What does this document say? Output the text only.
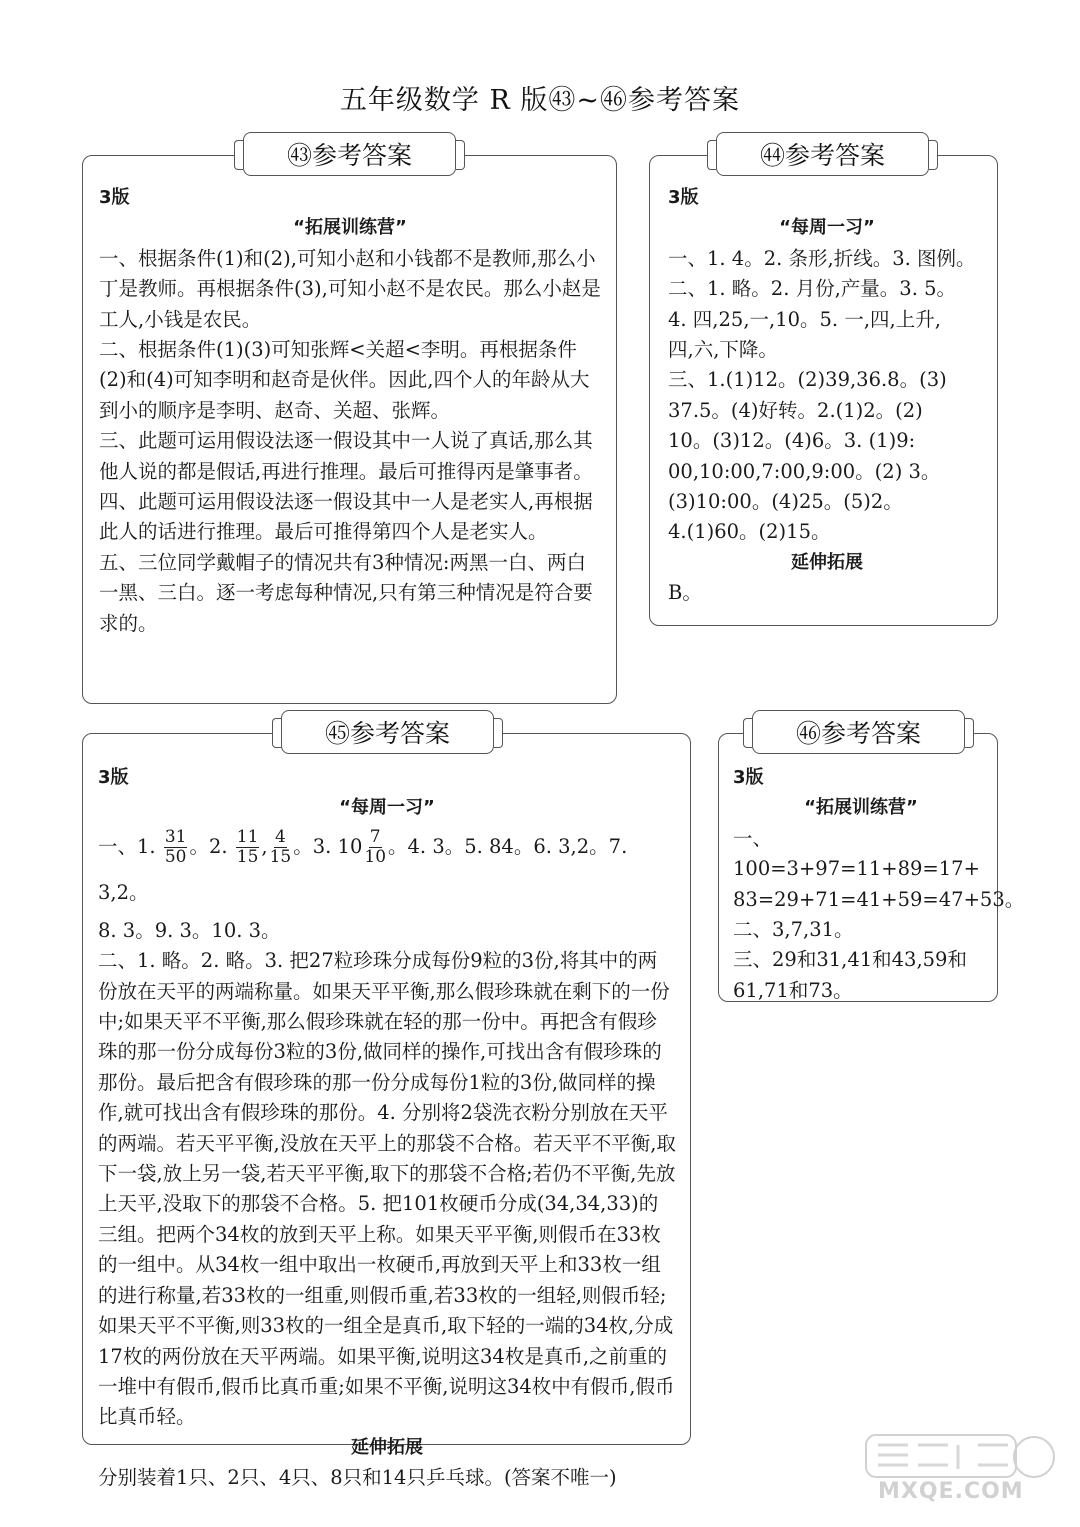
五年级数学 R 版㊸~㊻参考答案
㊸参考答案

3版

“拓展训练营”

一、根据条件(1)和(2),可知小赵和小钱都不是教师,那么小丁是教师。再根据条件(3),可知小赵不是农民。那么小赵是工人,小钱是农民。

二、根据条件(1)(3)可知张辉<关超<李明。再根据条件(2)和(4)可知李明和赵奇是伙伴。因此,四个人的年龄从大到小的顺序是李明、赵奇、关超、张辉。

三、此题可运用假设法逐一假设其中一人说了真话,那么其他人说的都是假话,再进行推理。最后可推得丙是肇事者。

四、此题可运用假设法逐一假设其中一人是老实人,再根据此人的话进行推理。最后可推得第四个人是老实人。

五、三位同学戴帽子的情况共有3种情况:两黑一白、两白一黑、三白。逐一考虑每种情况,只有第三种情况是符合要求的。

㊹参考答案

3版

“每周一习”

一、1. 4。2. 条形,折线。3. 图例。

二、1. 略。2. 月份,产量。3. 5。

4. 四,25,一,10。5. 一,四,上升,

四,六,下降。

三、1.(1)12。(2)39,36.8。(3)

37.5。(4)好转。2.(1)2。(2)

10。(3)12。(4)6。3. (1)9:

00,10:00,7:00,9:00。(2) 3。

(3)10:00。(4)25。(5)2。

4.(1)60。(2)15。

延伸拓展

B。

㊺参考答案

3版

“每周一习”

一、1. $\frac{31}{50}$ 。2. $\frac{11}{15}$ , $\frac{4}{15}$ 。3. $10 \frac{7}{10}$ 。4. 3。5. 84。6. 3,2。7. 3,2。

8. 3。9. 3。10. 3。

二、1. 略。2. 略。3. 把27粒珍珠分成每份9粒的3份,将其中的两份放在天平的两端称量。如果天平平衡,那么假珍珠就在剩下的一份中;如果天平不平衡,那么假珍珠就在轻的那一份中。再把含有假珍珠的那一份分成每份3粒的3份,做同样的操作,可找出含有假珍珠的那份。最后把含有假珍珠的那一份分成每份1粒的3份,做同样的操作,就可找出含有假珍珠的那份。4. 分别将2袋洗衣粉分别放在天平的两端。若天平平衡,没放在天平上的那袋不合格。若天平不平衡,取下一袋,放上另一袋,若天平平衡,取下的那袋不合格;若仍不平衡,先放上天平,没取下的那袋不合格。5. 把101枚硬币分成(34,34,33)的三组。把两个34枚的放到天平上称。如果天平平衡,则假币在33枚的一组中。从34枚一组中取出一枚硬币,再放到天平上和33枚一组的进行称量,若33枚的一组重,则假币重,若33枚的一组轻,则假币轻;如果天平不平衡,则33枚的一组全是真币,取下轻的一端的34枚,分成17枚的两份放在天平两端。如果平衡,说明这34枚是真币,之前重的一堆中有假币,假币比真币重;如果不平衡,说明这34枚中有假币,假币比真币轻。

延伸拓展

分别装着1只、2只、4只、8只和14只乒乓球。(答案不唯一)

㊻参考答案

3版

“拓展训练营”

一、100=3+97=11+89=17+

83=29+71=41+59=47+53。

二、3,7,31。

三、29和31,41和43,59和

61,71和73。

MXQE.COM
